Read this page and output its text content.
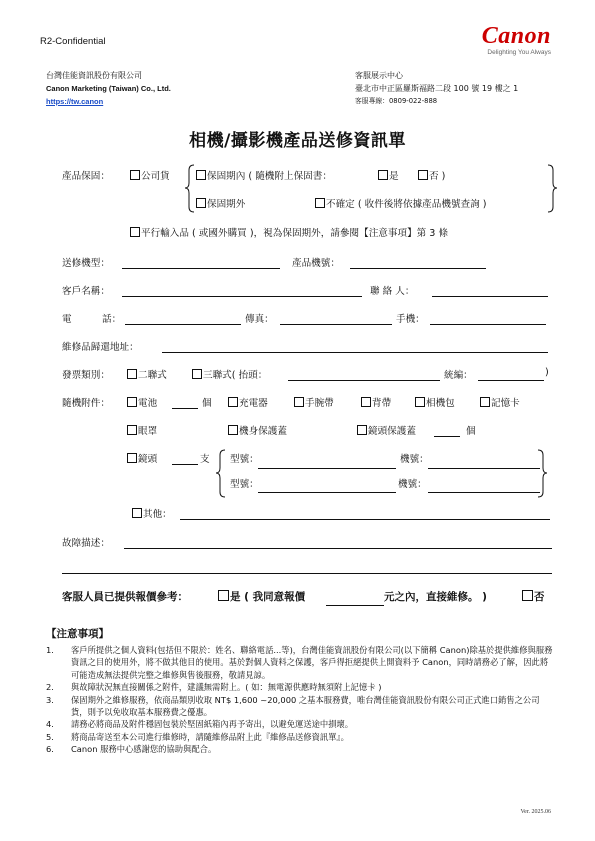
R2-Confidential	Canon
Delighting You Always
台灣佳能資訊股份有限公司
Canon Marketing (Taiwan) Co., Ltd.
https://tw.canon
客服展示中心
臺北市中正區羅斯福路二段 100 號 19 樓之 1
客服專線：0809-022-888
相機/攝影機產品送修資訊單
產品保固：	公司貨	保固期內 ( 隨機附上保固書：	是	否 )
保固期外	不確定 ( 收件後將依據產品機號查詢 )
平行輸入品 ( 或國外購買 )，視為保固期外，請參閱【注意事項】第 3 條
送修機型：	產品機號：
客戶名稱：	聯 絡 人：
電	話：	傳真：	手機：
維修品歸還地址：
發票類別：	二聯式	三聯式( 抬頭：	統編：	)
隨機附件：	電池	個	充電器	手腕帶	背帶	相機包	記憶卡
眼罩	機身保護蓋	鏡頭保護蓋	個
鏡頭	支 型號：	機號：
型號：	機號：
其他：
故障描述：
客服人員已提供報價參考：	是 ( 我同意報價	元之內，直接維修。 )	否
【注意事項】
1. 客戶所提供之個人資料(包括但不限於：姓名、聯絡電話...等)，台灣佳能資訊股份有限公司(以下簡稱 Canon)除基於提供維修與服務資訊之目的使用外，將不做其他目的使用。基於對個人資料之保護，客戶得拒絕提供上開資料予 Canon，同時請務必了解，因此將可能造成無法提供完整之維修與售後服務，敬請見諒。
2. 與故障狀況無直接關係之附件，建議無需附上。( 如：無電源供應時無須附上記憶卡 )
3. 保固期外之維修服務，依商品類別收取 NT$ 1,600 ~20,000 之基本服務費，唯台灣佳能資訊股份有限公司正式進口銷售之公司貨，則予以免收取基本服務費之優惠。
4. 請務必將商品及附件穩固包裝於堅固紙箱內再予寄出，以避免運送途中損壞。
5. 將商品寄送至本公司進行維修時，請隨維修品附上此『維修品送修資訊單』。
6. Canon 服務中心感謝您的協助與配合。
Ver. 2025.06
